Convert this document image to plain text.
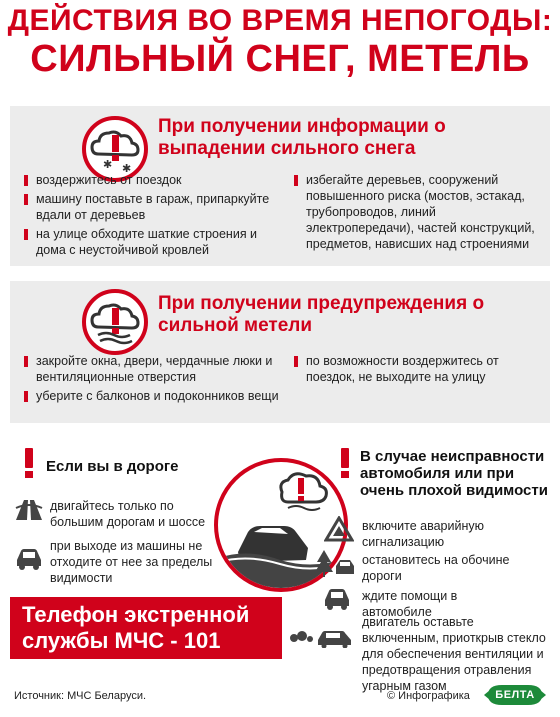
ДЕЙСТВИЯ ВО ВРЕМЯ НЕПОГОДЫ:
СИЛЬНЫЙ СНЕГ, МЕТЕЛЬ
✱ ✱
При получении информации о выпадении сильного снега
воздержитесь от поездок
машину поставьте в гараж, припаркуйте вдали от деревьев
на улице обходите шаткие строения и дома с неустойчивой кровлей
избегайте деревьев, сооружений повышенного риска (мостов, эстакад, трубопроводов, линий электропередачи), частей конструкций, предметов, нависших над строениями
При получении предупреждения о сильной метели
закройте окна, двери, чердачные люки и вентиляционные отверстия
уберите с балконов и подоконников вещи
по возможности воздержитесь от поездок, не выходите на улицу
Если вы в дороге
двигайтесь только по большим дорогам и шоссе
при выходе из машины не отходите от нее за пределы видимости
В случае неисправности автомобиля или при очень плохой видимости
включите аварийную сигнализацию
остановитесь на обочине дороги
ждите помощи в автомобиле
двигатель оставьте включенным, приоткрыв стекло для обеспечения вентиляции и предотвращения отравления угарным газом
Телефон экстренной
службы МЧС - 101
Источник: МЧС Беларуси.	© Инфографика	БЕЛТА
